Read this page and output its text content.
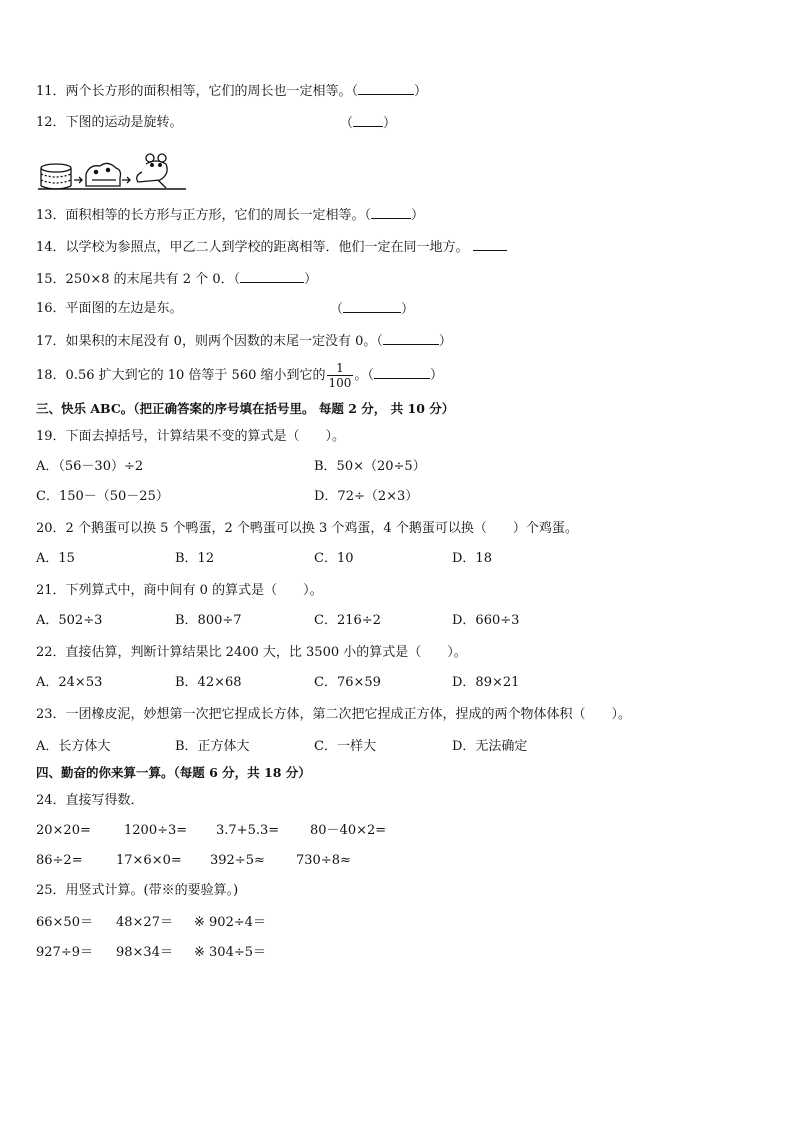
11．两个长方形的面积相等，它们的周长也一定相等。（	）
12．下图的运动是旋转。	（ ）
13．面积相等的长方形与正方形，它们的周长一定相等。（	）
14．以学校为参照点，甲乙二人到学校的距离相等．他们一定在同一地方。
15．250×8 的末尾共有 2 个 0．（	）
16．平面图的左边是东。	（	）
17．如果积的末尾没有 0，则两个因数的末尾一定没有 0。（	）
18．0.56 扩大到它的 10 倍等于 560 缩小到它的 $\frac{1}{100}$ 。（	）
三、快乐 ABC。（把正确答案的序号填在括号里。 每题 2 分， 共 10 分）
19．下面去掉括号，计算结果不变的算式是（　　）。
A．（56－30）÷2	B．50×（20÷5）
C．150－（50－25）	D．72÷（2×3）
20．2 个鹅蛋可以换 5 个鸭蛋，2 个鸭蛋可以换 3 个鸡蛋，4 个鹅蛋可以换（　　）个鸡蛋。
A．15	B．12	C．10	D．18
21．下列算式中，商中间有 0 的算式是（　　）。
A．502÷3	B．800÷7	C．216÷2	D．660÷3
22．直接估算，判断计算结果比 2400 大，比 3500 小的算式是（　　）。
A．24×53	B．42×68	C．76×59	D．89×21
23．一团橡皮泥，妙想第一次把它捏成长方体，第二次把它捏成正方体，捏成的两个物体体积（　　）。
A．长方体大	B．正方体大	C．一样大	D．无法确定
四、勤奋的你来算一算。（每题 6 分，共 18 分）
24．直接写得数．
20×20=	1200÷3= 3.7+5.3= 80－40×2=
86÷2=	17×6×0= 392÷5≈ 730÷8≈
25．用竖式计算。(带※的要验算。)
66×50＝ 48×27＝ ※ 902÷4＝
927÷9＝ 98×34＝ ※ 304÷5＝
